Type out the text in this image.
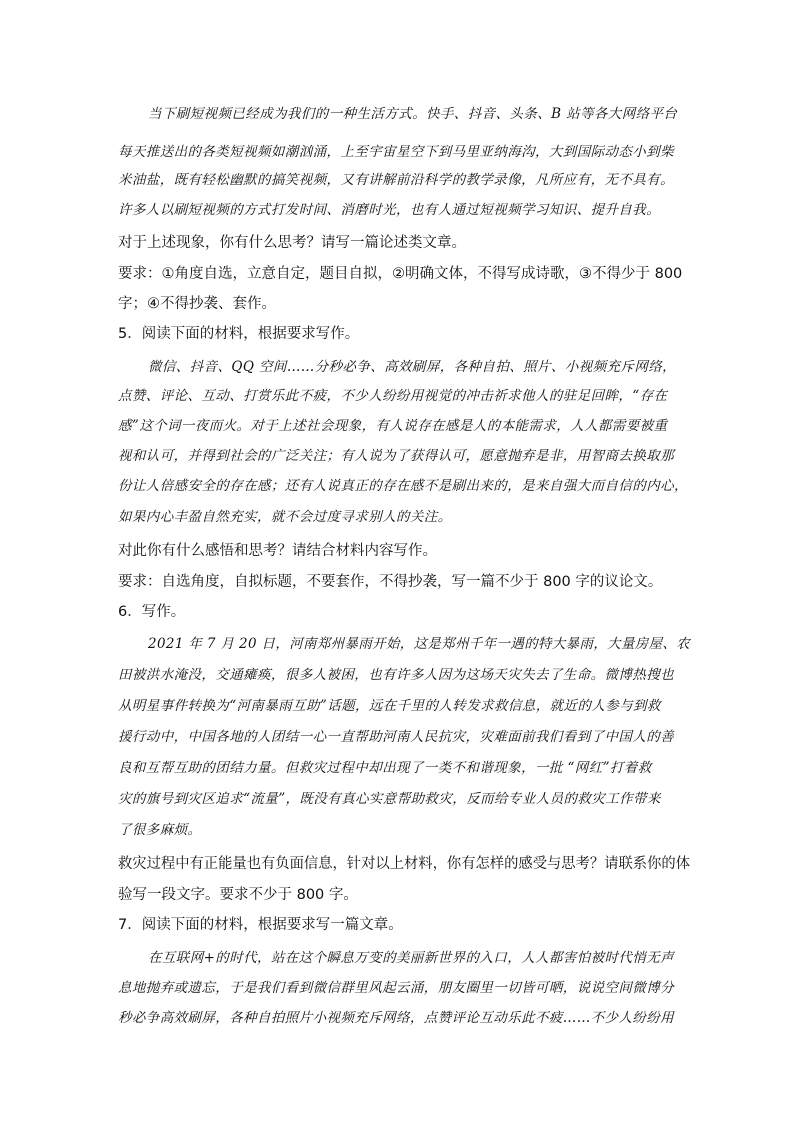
当下刷短视频已经成为我们的一种生活方式。快手、抖音、头条、B 站等各大网络平台
每天推送出的各类短视频如潮汹涌，上至宇宙星空下到马里亚纳海沟，大到国际动态小到柴
米油盐，既有轻松幽默的搞笑视频，又有讲解前沿科学的教学录像，凡所应有，无不具有。
许多人以刷短视频的方式打发时间、消磨时光，也有人通过短视频学习知识、提升自我。
对于上述现象，你有什么思考？请写一篇论述类文章。
要求：①角度自选，立意自定，题目自拟，②明确文体，不得写成诗歌，③不得少于 800
字；④不得抄袭、套作。
5．阅读下面的材料，根据要求写作。
微信、抖音、QQ 空间……分秒必争、高效刷屏，各种自拍、照片、小视频充斥网络，
点赞、评论、互动、打赏乐此不疲，不少人纷纷用视觉的冲击祈求他人的驻足回眸，“存在
感”这个词一夜而火。对于上述社会现象，有人说存在感是人的本能需求，人人都需要被重
视和认可，并得到社会的广泛关注；有人说为了获得认可，愿意抛弃是非，用智商去换取那
份让人倍感安全的存在感；还有人说真正的存在感不是刷出来的，是来自强大而自信的内心，
如果内心丰盈自然充实，就不会过度寻求别人的关注。
对此你有什么感悟和思考？请结合材料内容写作。
要求：自选角度，自拟标题，不要套作，不得抄袭，写一篇不少于 800 字的议论文。
6．写作。
2021 年 7 月 20 日，河南郑州暴雨开始，这是郑州千年一遇的特大暴雨，大量房屋、农
田被洪水淹没，交通瘫痪，很多人被困，也有许多人因为这场天灾失去了生命。微博热搜也
从明星事件转换为“河南暴雨互助”话题，远在千里的人转发求救信息，就近的人参与到救
援行动中，中国各地的人团结一心一直帮助河南人民抗灾，灾难面前我们看到了中国人的善
良和互帮互助的团结力量。但救灾过程中却出现了一类不和谐现象，一批 “网红”打着救
灾的旗号到灾区追求“流量”，既没有真心实意帮助救灾，反而给专业人员的救灾工作带来
了很多麻烦。
救灾过程中有正能量也有负面信息，针对以上材料，你有怎样的感受与思考？请联系你的体
验写一段文字。要求不少于 800 字。
7．阅读下面的材料，根据要求写一篇文章。
在互联网+的时代，站在这个瞬息万变的美丽新世界的入口，人人都害怕被时代悄无声
息地抛弃或遗忘，于是我们看到微信群里风起云涌，朋友圈里一切皆可晒，说说空间微博分
秒必争高效刷屏，各种自拍照片小视频充斥网络，点赞评论互动乐此不疲……不少人纷纷用
